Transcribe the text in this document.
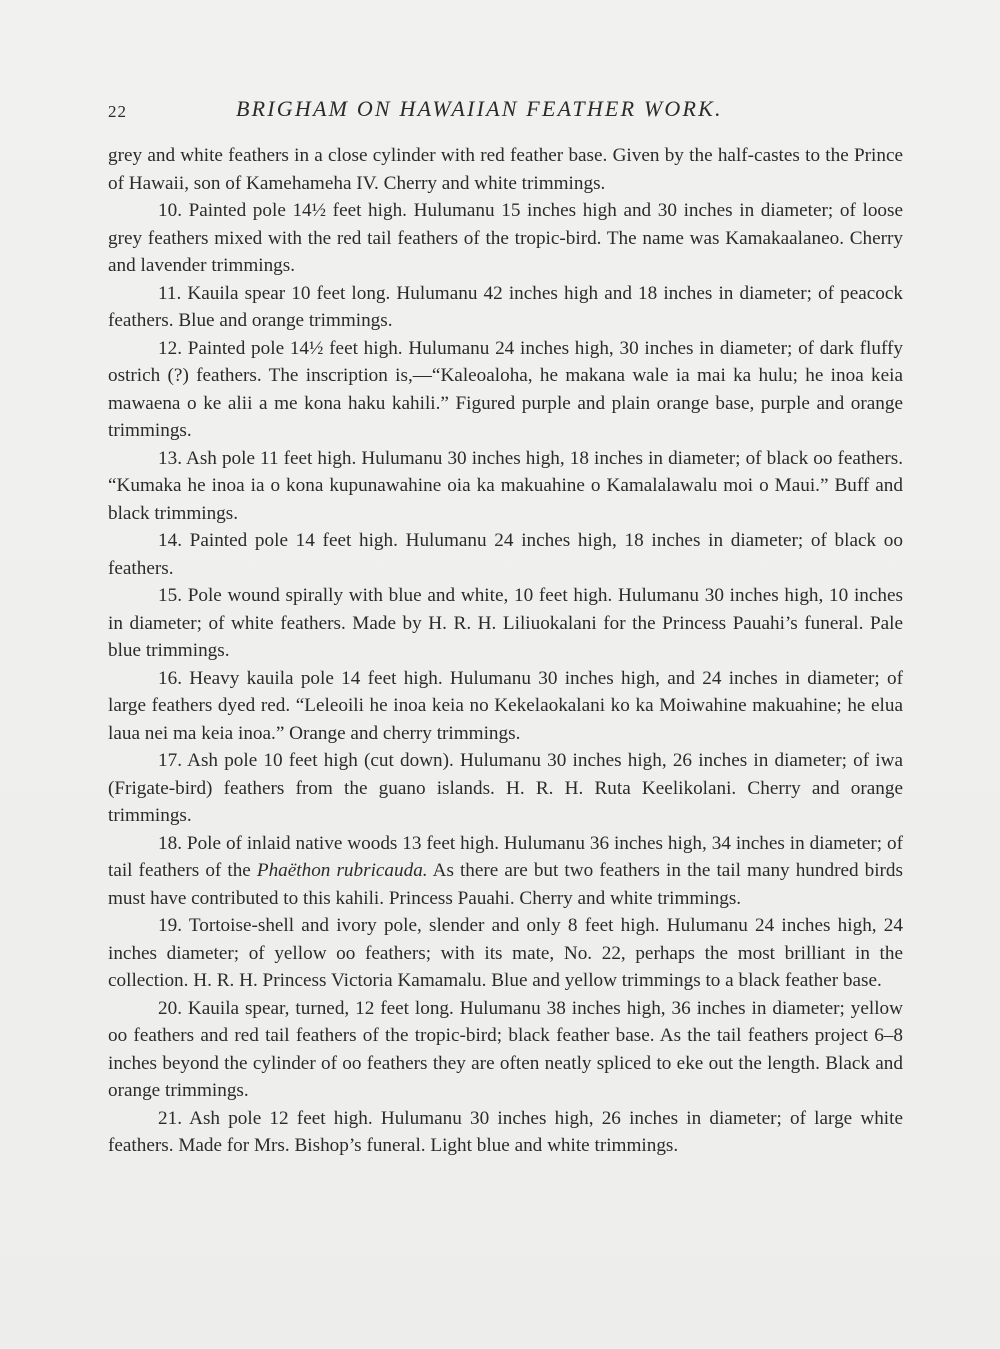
22	BRIGHAM ON HAWAIIAN FEATHER WORK.

grey and white feathers in a close cylinder with red feather base. Given by the half-castes to the Prince of Hawaii, son of Kamehameha IV. Cherry and white trimmings.

10. Painted pole 14½ feet high. Hulumanu 15 inches high and 30 inches in diameter; of loose grey feathers mixed with the red tail feathers of the tropic-bird. The name was Kamakaalaneo. Cherry and lavender trimmings.

11. Kauila spear 10 feet long. Hulumanu 42 inches high and 18 inches in diameter; of peacock feathers. Blue and orange trimmings.

12. Painted pole 14½ feet high. Hulumanu 24 inches high, 30 inches in diameter; of dark fluffy ostrich (?) feathers. The inscription is,—“Kaleoaloha, he makana wale ia mai ka hulu; he inoa keia mawaena o ke alii a me kona haku kahili.” Figured purple and plain orange base, purple and orange trimmings.

13. Ash pole 11 feet high. Hulumanu 30 inches high, 18 inches in diameter; of black oo feathers. “Kumaka he inoa ia o kona kupunawahine oia ka makuahine o Kamalalawalu moi o Maui.” Buff and black trimmings.

14. Painted pole 14 feet high. Hulumanu 24 inches high, 18 inches in diameter; of black oo feathers.

15. Pole wound spirally with blue and white, 10 feet high. Hulumanu 30 inches high, 10 inches in diameter; of white feathers. Made by H. R. H. Liliuokalani for the Princess Pauahi’s funeral. Pale blue trimmings.

16. Heavy kauila pole 14 feet high. Hulumanu 30 inches high, and 24 inches in diameter; of large feathers dyed red. “Leleoili he inoa keia no Kekelaokalani ko ka Moiwahine makuahine; he elua laua nei ma keia inoa.” Orange and cherry trimmings.

17. Ash pole 10 feet high (cut down). Hulumanu 30 inches high, 26 inches in diameter; of iwa (Frigate-bird) feathers from the guano islands. H. R. H. Ruta Keelikolani. Cherry and orange trimmings.

18. Pole of inlaid native woods 13 feet high. Hulumanu 36 inches high, 34 inches in diameter; of tail feathers of the Phaëthon rubricauda. As there are but two feathers in the tail many hundred birds must have contributed to this kahili. Princess Pauahi. Cherry and white trimmings.

19. Tortoise-shell and ivory pole, slender and only 8 feet high. Hulumanu 24 inches high, 24 inches diameter; of yellow oo feathers; with its mate, No. 22, perhaps the most brilliant in the collection. H. R. H. Princess Victoria Kamamalu. Blue and yellow trimmings to a black feather base.

20. Kauila spear, turned, 12 feet long. Hulumanu 38 inches high, 36 inches in diameter; yellow oo feathers and red tail feathers of the tropic-bird; black feather base. As the tail feathers project 6–8 inches beyond the cylinder of oo feathers they are often neatly spliced to eke out the length. Black and orange trimmings.

21. Ash pole 12 feet high. Hulumanu 30 inches high, 26 inches in diameter; of large white feathers. Made for Mrs. Bishop’s funeral. Light blue and white trimmings.
